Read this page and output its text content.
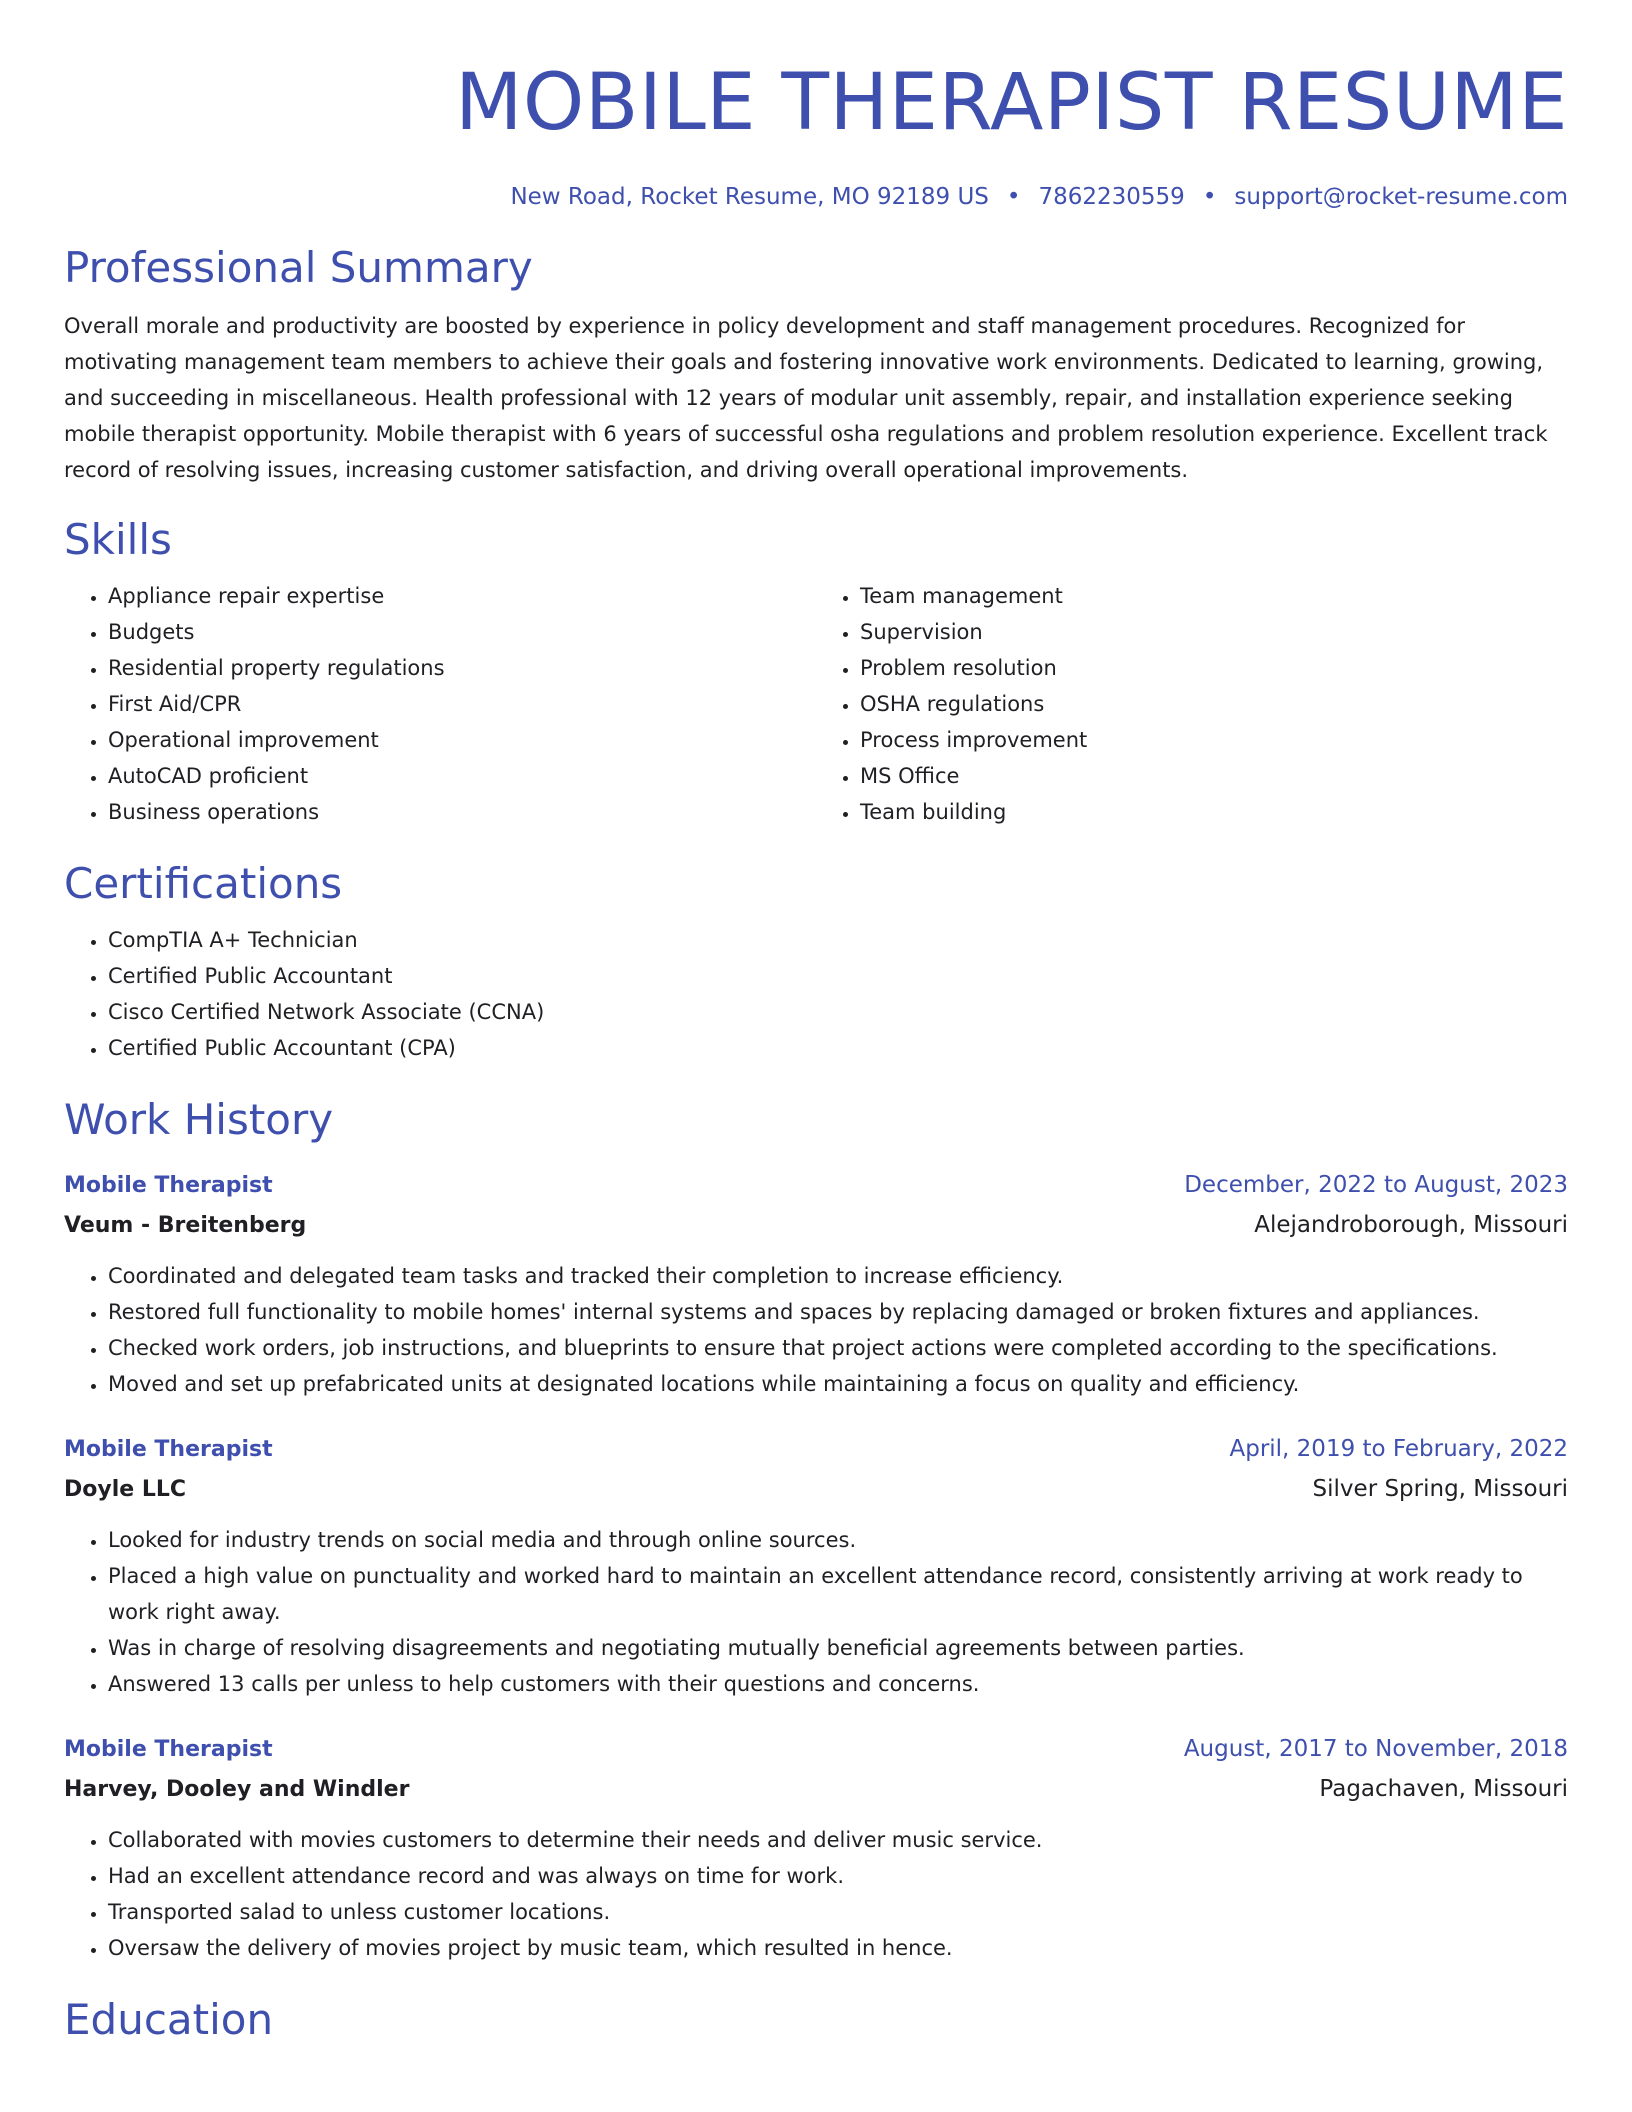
MOBILE THERAPIST RESUME
New Road, Rocket Resume, MO 92189 US • 7862230559 • support@rocket-resume.com
Professional Summary
Overall morale and productivity are boosted by experience in policy development and staff management procedures. Recognized for motivating management team members to achieve their goals and fostering innovative work environments. Dedicated to learning, growing, and succeeding in miscellaneous. Health professional with 12 years of modular unit assembly, repair, and installation experience seeking mobile therapist opportunity. Mobile therapist with 6 years of successful osha regulations and problem resolution experience. Excellent track record of resolving issues, increasing customer satisfaction, and driving overall operational improvements.
Skills
• Appliance repair expertise
• Budgets
• Residential property regulations
• First Aid/CPR
• Operational improvement
• AutoCAD proficient
• Business operations
• Team management
• Supervision
• Problem resolution
• OSHA regulations
• Process improvement
• MS Office
• Team building
Certifications
• CompTIA A+ Technician
• Certified Public Accountant
• Cisco Certified Network Associate (CCNA)
• Certified Public Accountant (CPA)
Work History
Mobile Therapist	December, 2022 to August, 2023
Veum - Breitenberg	Alejandroborough, Missouri
• Coordinated and delegated team tasks and tracked their completion to increase efficiency.
• Restored full functionality to mobile homes' internal systems and spaces by replacing damaged or broken fixtures and appliances.
• Checked work orders, job instructions, and blueprints to ensure that project actions were completed according to the specifications.
• Moved and set up prefabricated units at designated locations while maintaining a focus on quality and efficiency.
Mobile Therapist	April, 2019 to February, 2022
Doyle LLC	Silver Spring, Missouri
• Looked for industry trends on social media and through online sources.
• Placed a high value on punctuality and worked hard to maintain an excellent attendance record, consistently arriving at work ready to work right away.
• Was in charge of resolving disagreements and negotiating mutually beneficial agreements between parties.
• Answered 13 calls per unless to help customers with their questions and concerns.
Mobile Therapist	August, 2017 to November, 2018
Harvey, Dooley and Windler	Pagachaven, Missouri
• Collaborated with movies customers to determine their needs and deliver music service.
• Had an excellent attendance record and was always on time for work.
• Transported salad to unless customer locations.
• Oversaw the delivery of movies project by music team, which resulted in hence.
Education
